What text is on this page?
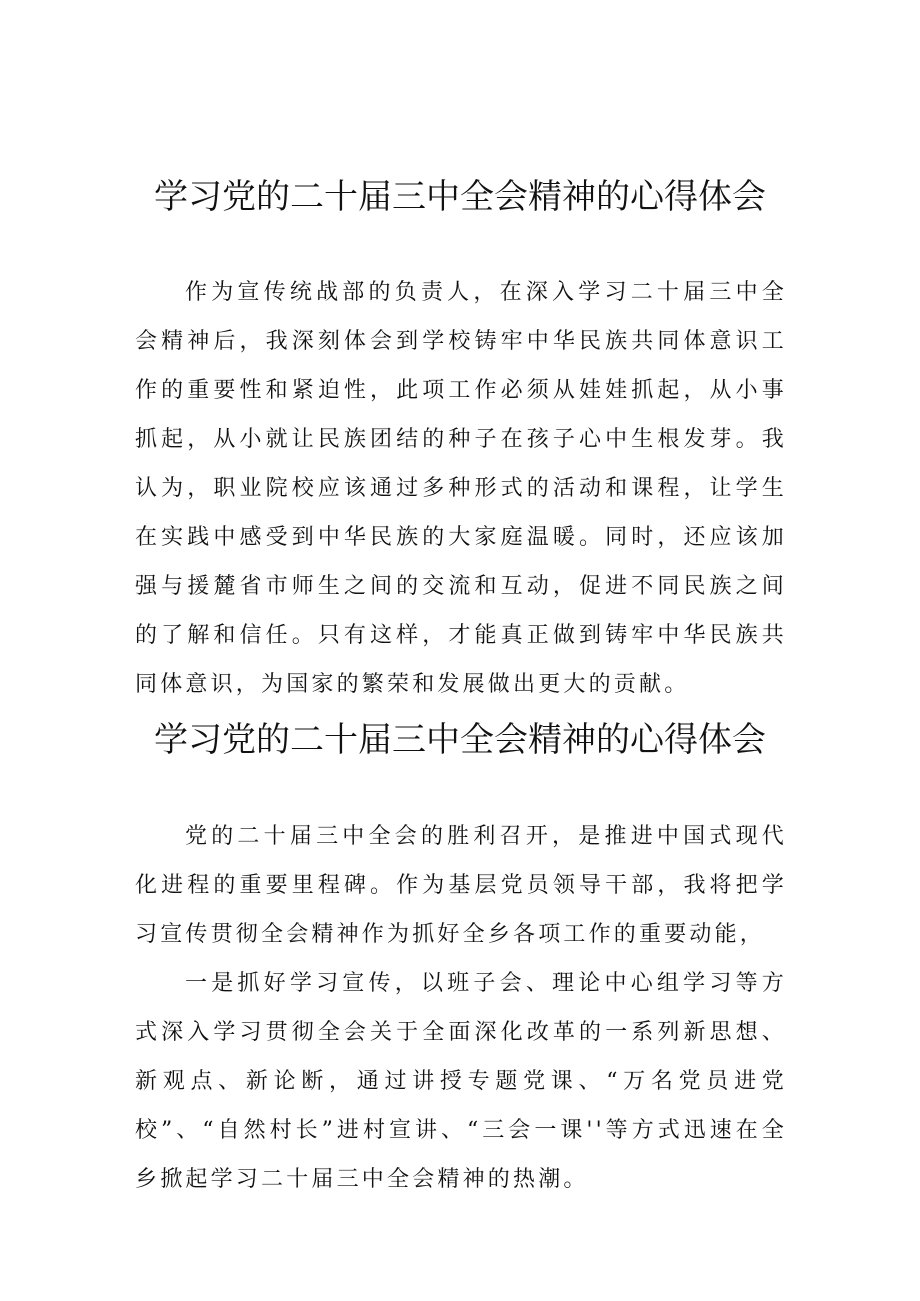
学习党的二十届三中全会精神的心得体会

作为宣传统战部的负责人，在深入学习二十届三中全会精神后，我深刻体会到学校铸牢中华民族共同体意识工作的重要性和紧迫性，此项工作必须从娃娃抓起，从小事抓起，从小就让民族团结的种子在孩子心中生根发芽。我认为，职业院校应该通过多种形式的活动和课程，让学生在实践中感受到中华民族的大家庭温暖。同时，还应该加强与援麓省市师生之间的交流和互动，促进不同民族之间的了解和信任。只有这样，才能真正做到铸牢中华民族共同体意识，为国家的繁荣和发展做出更大的贡献。

学习党的二十届三中全会精神的心得体会

党的二十届三中全会的胜利召开，是推进中国式现代化进程的重要里程碑。作为基层党员领导干部，我将把学习宣传贯彻全会精神作为抓好全乡各项工作的重要动能，

一是抓好学习宣传，以班子会、理论中心组学习等方式深入学习贯彻全会关于全面深化改革的一系列新思想、新观点、新论断，通过讲授专题党课、“万名党员进党校”、“自然村长”进村宣讲、“三会一课''等方式迅速在全乡掀起学习二十届三中全会精神的热潮。
